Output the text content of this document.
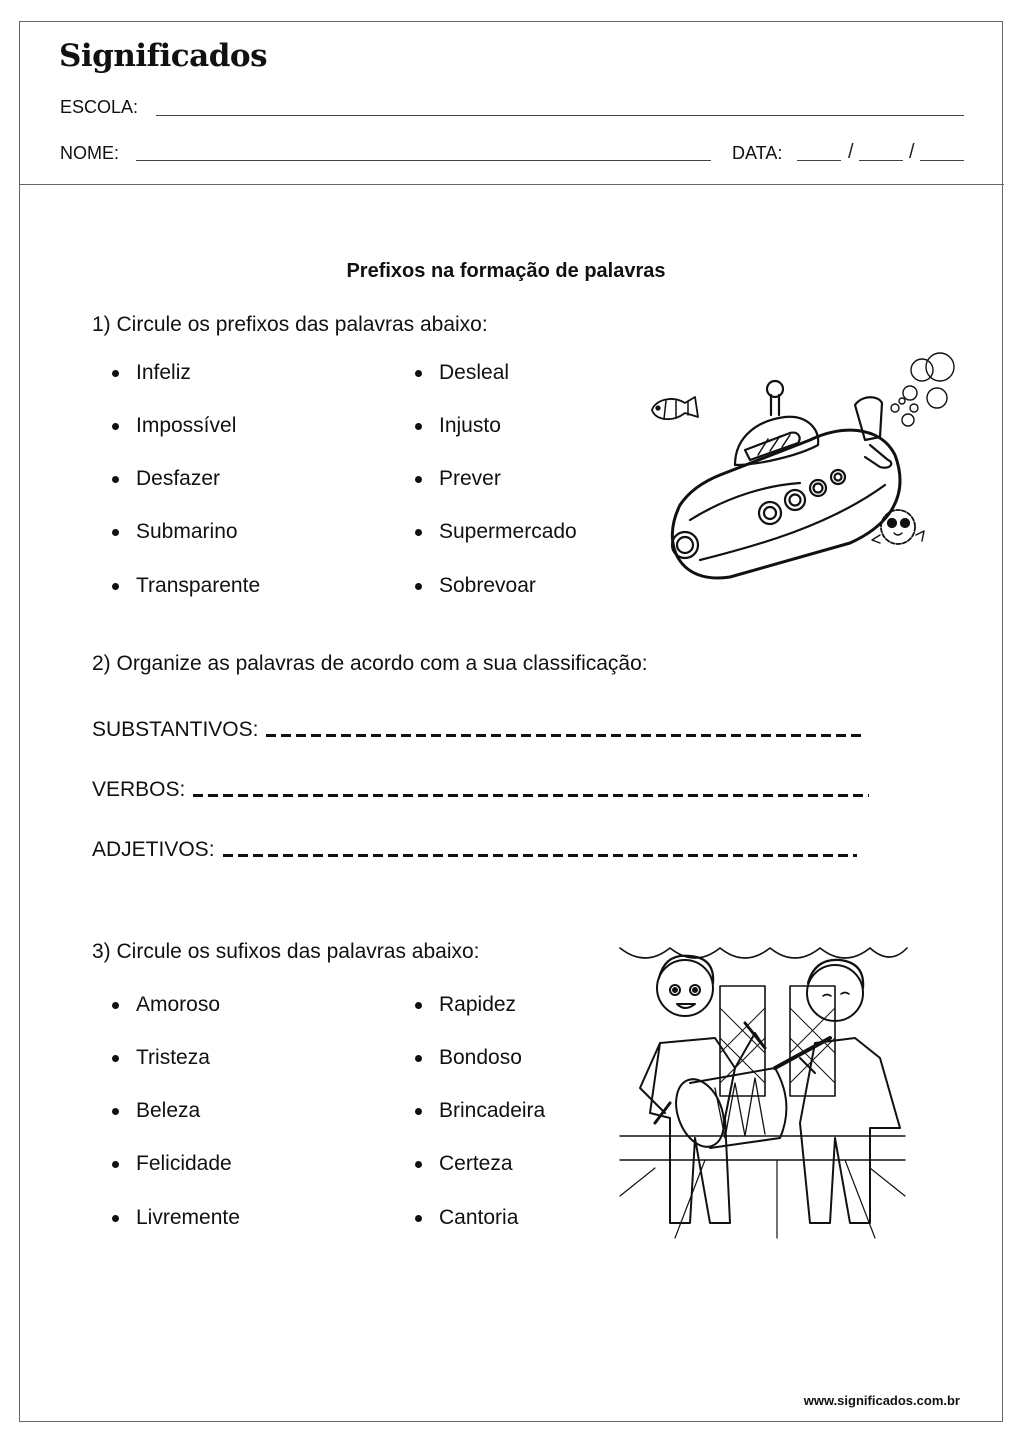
Significados
ESCOLA:
NOME:	DATA:	/	/
Prefixos na formação de palavras
1) Circule os prefixos das palavras abaixo:
Infeliz
Impossível
Desfazer
Submarino
Transparente
Desleal
Injusto
Prever
Supermercado
Sobrevoar
2) Organize as palavras de acordo com a sua classificação:
SUBSTANTIVOS:
VERBOS:
ADJETIVOS:
3) Circule os sufixos das palavras abaixo:
Amoroso
Tristeza
Beleza
Felicidade
Livremente
Rapidez
Bondoso
Brincadeira
Certeza
Cantoria
www.significados.com.br
